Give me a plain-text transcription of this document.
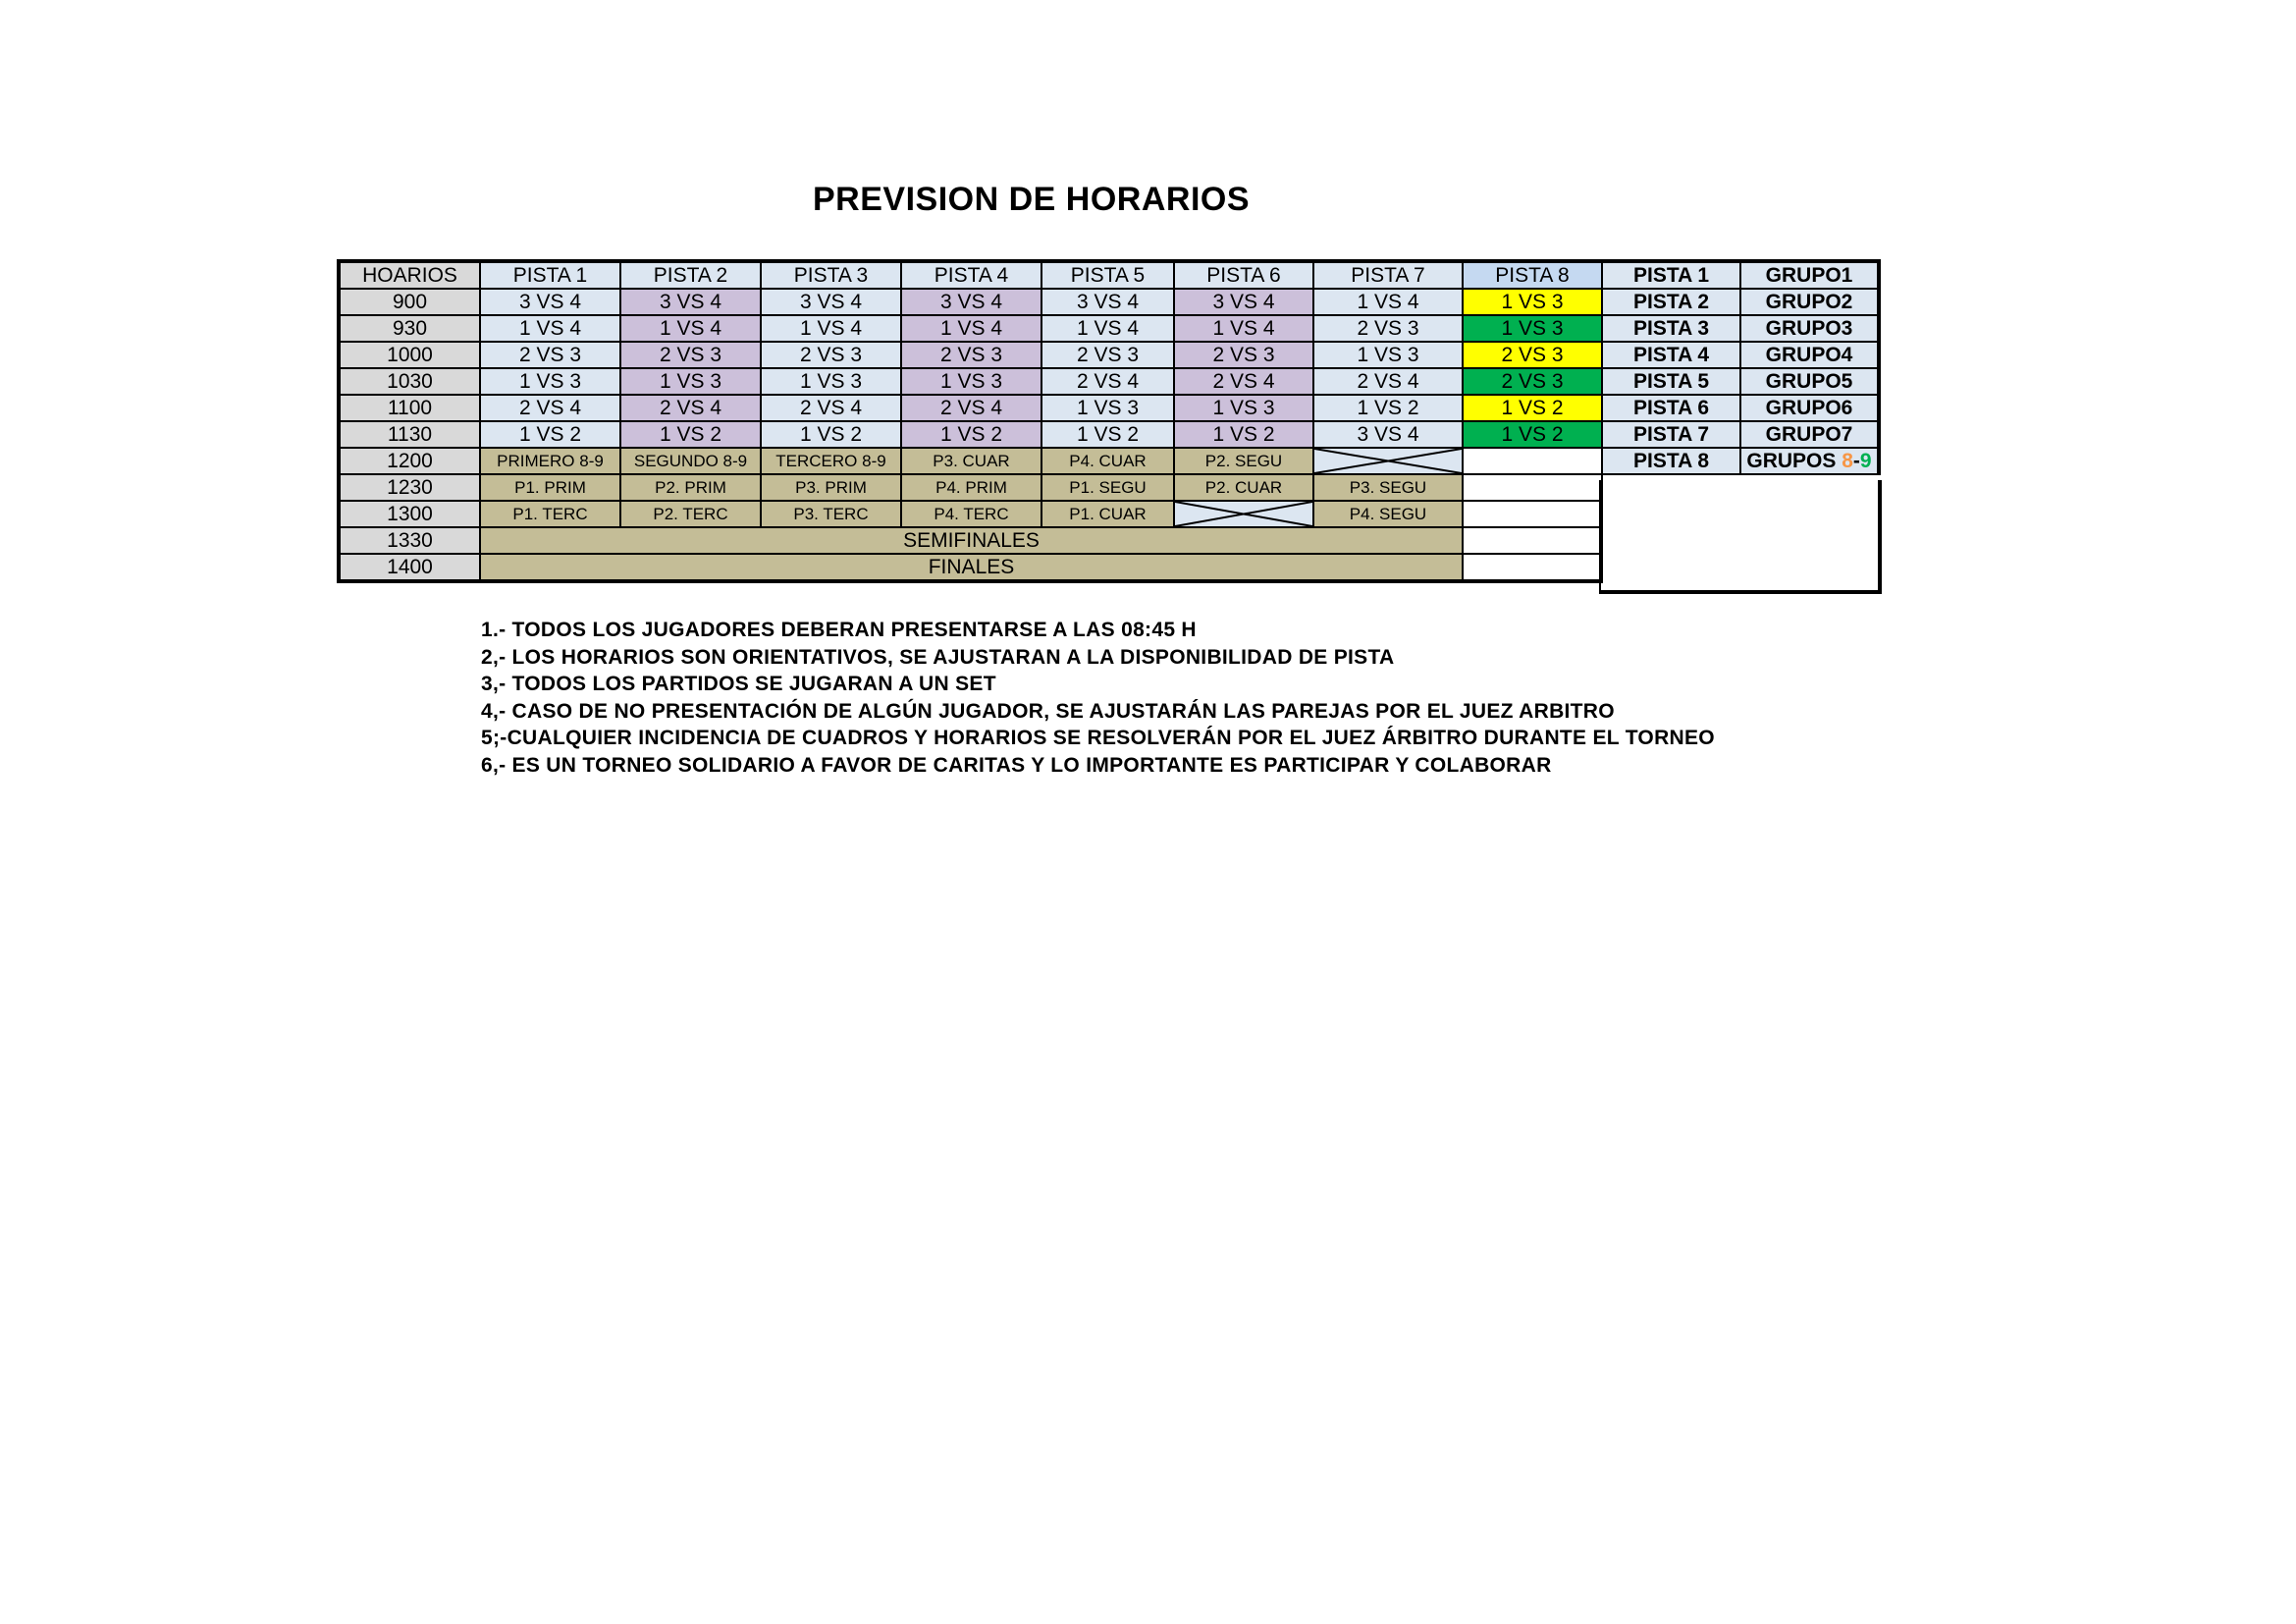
PREVISION DE HORARIOS
HOARIOS	PISTA 1	PISTA 2	PISTA 3	PISTA 4	PISTA 5	PISTA 6	PISTA 7	PISTA 8	PISTA 1	GRUPO1
900	3 VS 4	3 VS 4	3 VS 4	3 VS 4	3 VS 4	3 VS 4	1 VS 4	1 VS 3	PISTA 2	GRUPO2
930	1 VS 4	1 VS 4	1 VS 4	1 VS 4	1 VS 4	1 VS 4	2 VS 3	1 VS 3	PISTA 3	GRUPO3
1000	2 VS 3	2 VS 3	2 VS 3	2 VS 3	2 VS 3	2 VS 3	1 VS 3	2 VS 3	PISTA 4	GRUPO4
1030	1 VS 3	1 VS 3	1 VS 3	1 VS 3	2 VS 4	2 VS 4	2 VS 4	2 VS 3	PISTA 5	GRUPO5
1100	2 VS 4	2 VS 4	2 VS 4	2 VS 4	1 VS 3	1 VS 3	1 VS 2	1 VS 2	PISTA 6	GRUPO6
1130	1 VS 2	1 VS 2	1 VS 2	1 VS 2	1 VS 2	1 VS 2	3 VS 4	1 VS 2	PISTA 7	GRUPO7
1200	PRIMERO 8-9	SEGUNDO 8-9	TERCERO 8-9	P3. CUAR	P4. CUAR	P2. SEGU			PISTA 8	GRUPOS 8-9
1230	P1. PRIM	P2. PRIM	P3. PRIM	P4. PRIM	P1. SEGU	P2. CUAR	P3. SEGU			
1300	P1. TERC	P2. TERC	P3. TERC	P4. TERC	P1. CUAR		P4. SEGU			
1330	SEMIFINALES									
1400	FINALES									
1.- TODOS LOS JUGADORES DEBERAN PRESENTARSE A LAS 08:45 H
2,- LOS HORARIOS SON ORIENTATIVOS, SE AJUSTARAN A LA DISPONIBILIDAD DE PISTA
3,- TODOS LOS PARTIDOS SE JUGARAN A UN SET
4,- CASO DE NO PRESENTACIÓN DE ALGÚN JUGADOR, SE AJUSTARÁN LAS PAREJAS POR EL JUEZ ARBITRO
5;-CUALQUIER INCIDENCIA DE CUADROS Y HORARIOS SE RESOLVERÁN POR EL JUEZ ÁRBITRO DURANTE EL TORNEO
6,- ES UN TORNEO SOLIDARIO A FAVOR DE CARITAS Y LO IMPORTANTE ES PARTICIPAR Y COLABORAR
